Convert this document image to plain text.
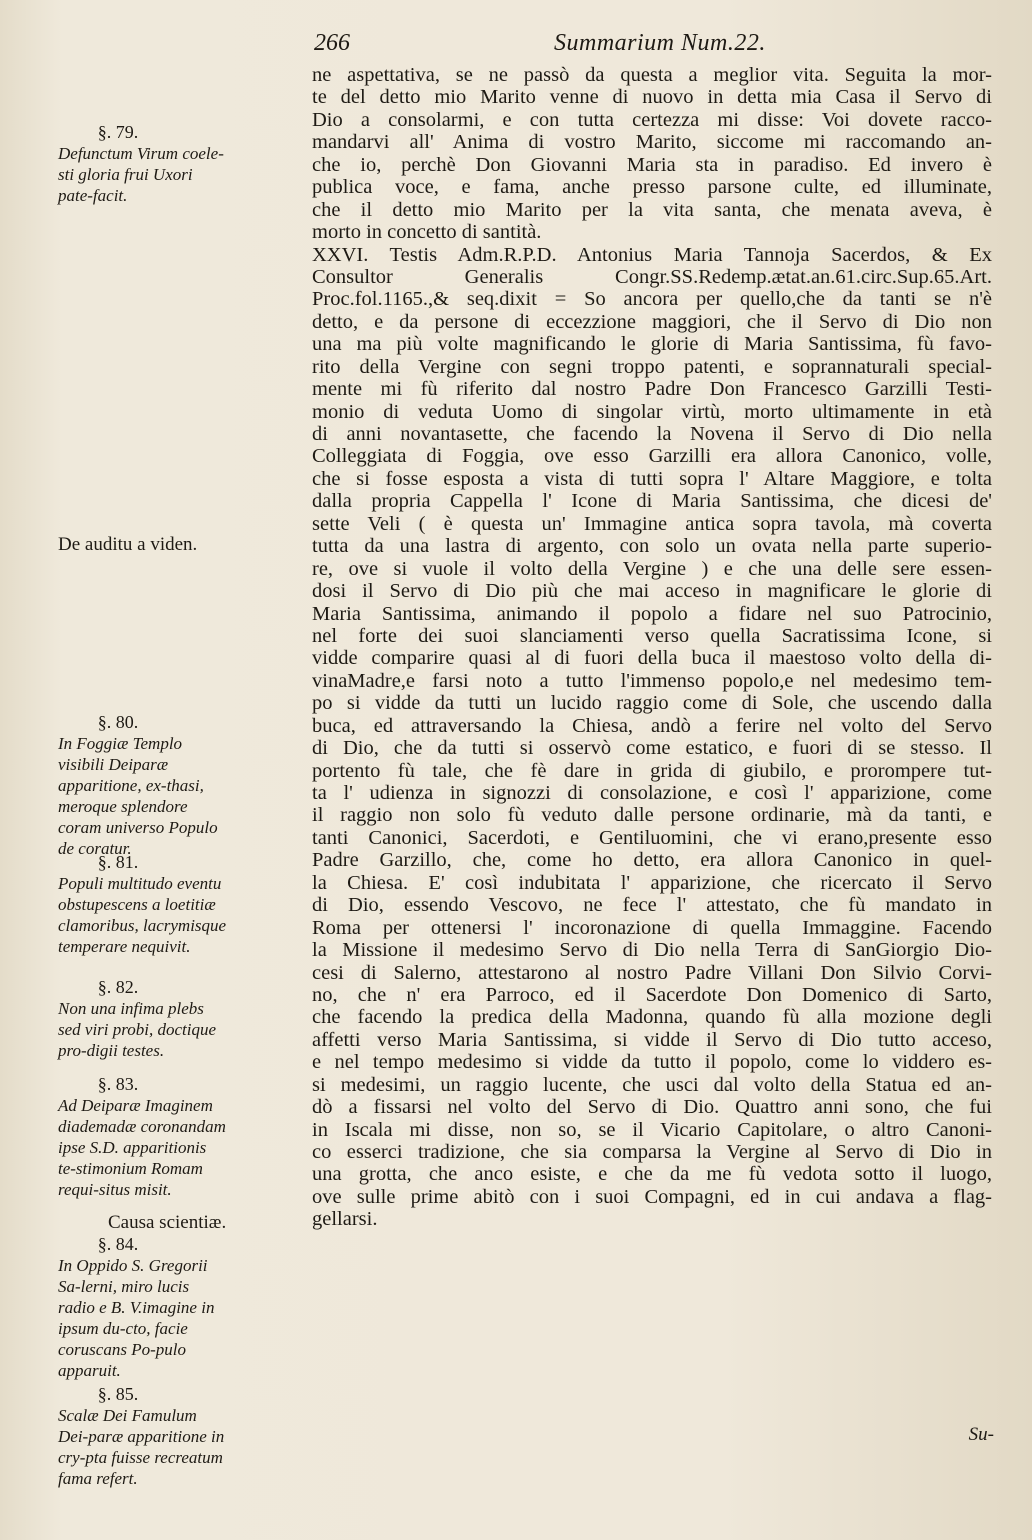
266	Summarium Num.22.
§. 79.
Defunctum Virum coele-sti gloria frui Uxori pate-facit.
De auditu a viden.
§. 80.
In Foggiæ Templo visibili Deiparæ apparitione, ex-thasi, meroque splendore coram universo Populo de coratur.
§. 81.
Populi multitudo eventu obstupescens a loetitiæ clamoribus, lacrymisque temperare nequivit.
§. 82.
Non una infima plebs sed viri probi, doctique pro-digii testes.
§. 83.
Ad Deiparæ Imaginem diademadæ coronandam ipse S.D. apparitionis te-stimonium Romam requi-situs misit.
Causa scientiæ.
§. 84.
In Oppido S. Gregorii Sa-lerni, miro lucis radio e B. V.imagine in ipsum du-cto, facie coruscans Po-pulo apparuit.
§. 85.
Scalæ Dei Famulum Dei-paræ apparitione in cry-pta fuisse recreatum fama refert.
ne aspettativa, se ne passò da questa a meglior vita. Seguita la mor-
te del detto mio Marito venne di nuovo in detta mia Casa il Servo di
Dio a consolarmi, e con tutta certezza mi disse: Voi dovete racco-
mandarvi all' Anima di vostro Marito, siccome mi raccomando an-
che io, perchè Don Giovanni Maria sta in paradiso. Ed invero è
publica voce, e fama, anche presso parsone culte, ed illuminate,
che il detto mio Marito per la vita santa, che menata aveva, è
morto in concetto di santità.
XXVI. Testis Adm.R.P.D. Antonius Maria Tannoja Sacerdos, & Ex
Consultor Generalis Congr.SS.Redemp.ætat.an.61.circ.Sup.65.Art.
Proc.fol.1165.,& seq.dixit = So ancora per quello,che da tanti se n'è
detto, e da persone di eccezzione maggiori, che il Servo di Dio non
una ma più volte magnificando le glorie di Maria Santissima, fù favo-
rito della Vergine con segni troppo patenti, e soprannaturali special-
mente mi fù riferito dal nostro Padre Don Francesco Garzilli Testi-
monio di veduta Uomo di singolar virtù, morto ultimamente in età
di anni novantasette, che facendo la Novena il Servo di Dio nella
Colleggiata di Foggia, ove esso Garzilli era allora Canonico, volle,
che si fosse esposta a vista di tutti sopra l' Altare Maggiore, e tolta
dalla propria Cappella l' Icone di Maria Santissima, che dicesi de'
sette Veli ( è questa un' Immagine antica sopra tavola, mà coverta
tutta da una lastra di argento, con solo un ovata nella parte superio-
re, ove si vuole il volto della Vergine ) e che una delle sere essen-
dosi il Servo di Dio più che mai acceso in magnificare le glorie di
Maria Santissima, animando il popolo a fidare nel suo Patrocinio,
nel forte dei suoi slanciamenti verso quella Sacratissima Icone, si
vidde comparire quasi al di fuori della buca il maestoso volto della di-
vinaMadre,e farsi noto a tutto l'immenso popolo,e nel medesimo tem-
po si vidde da tutti un lucido raggio come di Sole, che uscendo dalla
buca, ed attraversando la Chiesa, andò a ferire nel volto del Servo
di Dio, che da tutti si osservò come estatico, e fuori di se stesso. Il
portento fù tale, che fè dare in grida di giubilo, e prorompere tut-
ta l' udienza in signozzi di consolazione, e così l' apparizione, come
il raggio non solo fù veduto dalle persone ordinarie, mà da tanti, e
tanti Canonici, Sacerdoti, e Gentiluomini, che vi erano,presente esso
Padre Garzillo, che, come ho detto, era allora Canonico in quel-
la Chiesa. E' così indubitata l' apparizione, che ricercato il Servo
di Dio, essendo Vescovo, ne fece l' attestato, che fù mandato in
Roma per ottenersi l' incoronazione di quella Immaggine. Facendo
la Missione il medesimo Servo di Dio nella Terra di SanGiorgio Dio-
cesi di Salerno, attestarono al nostro Padre Villani Don Silvio Corvi-
no, che n' era Parroco, ed il Sacerdote Don Domenico di Sarto,
che facendo la predica della Madonna, quando fù alla mozione degli
affetti verso Maria Santissima, si vidde il Servo di Dio tutto acceso,
e nel tempo medesimo si vidde da tutto il popolo, come lo viddero es-
si medesimi, un raggio lucente, che usci dal volto della Statua ed an-
dò a fissarsi nel volto del Servo di Dio. Quattro anni sono, che fui
in Iscala mi disse, non so, se il Vicario Capitolare, o altro Canoni-
co esserci tradizione, che sia comparsa la Vergine al Servo di Dio in
una grotta, che anco esiste, e che da me fù vedota sotto il luogo,
ove sulle prime abitò con i suoi Compagni, ed in cui andava a flag-
gellarsi.
Su-
